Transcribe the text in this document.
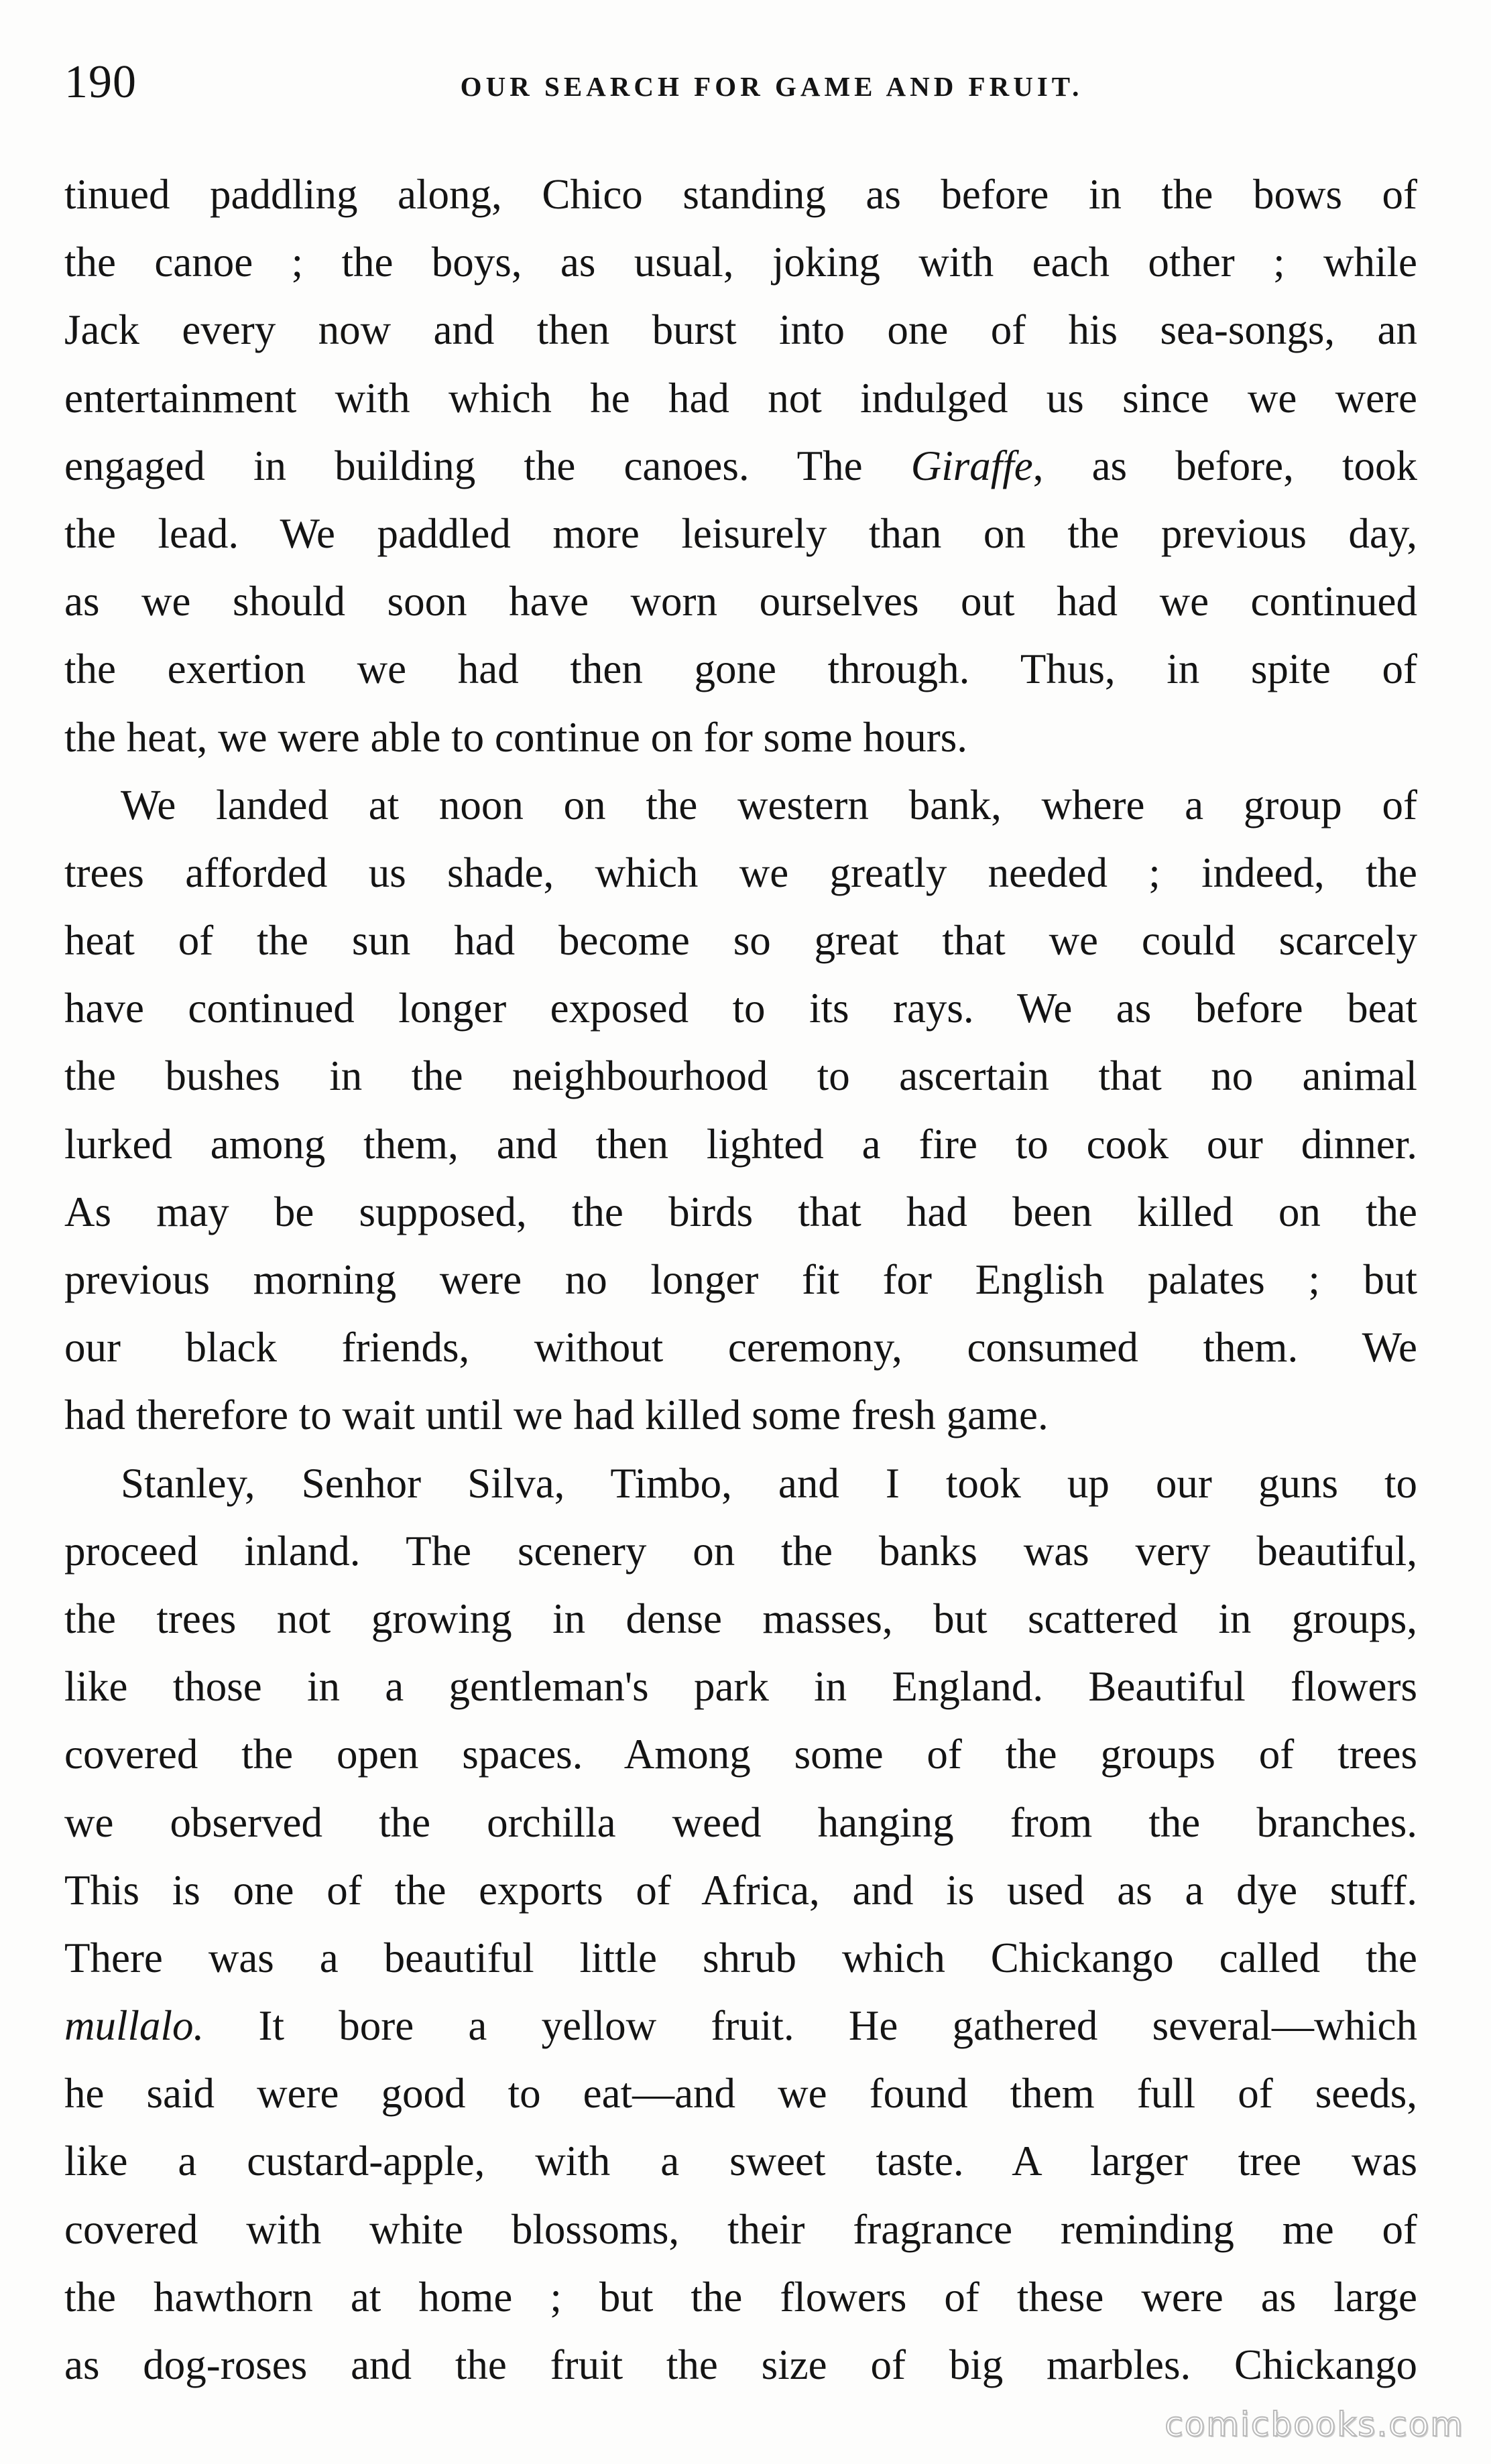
190	OUR SEARCH FOR GAME AND FRUIT.
tinued paddling along, Chico standing as before in the bows of
the canoe ; the boys, as usual, joking with each other ; while
Jack every now and then burst into one of his sea-songs, an
entertainment with which he had not indulged us since we were
engaged in building the canoes. The Giraffe, as before, took
the lead. We paddled more leisurely than on the previous day,
as we should soon have worn ourselves out had we continued
the exertion we had then gone through. Thus, in spite of
the heat, we were able to continue on for some hours.
We landed at noon on the western bank, where a group of
trees afforded us shade, which we greatly needed ; indeed, the
heat of the sun had become so great that we could scarcely
have continued longer exposed to its rays. We as before beat
the bushes in the neighbourhood to ascertain that no animal
lurked among them, and then lighted a fire to cook our dinner.
As may be supposed, the birds that had been killed on the
previous morning were no longer fit for English palates ; but
our black friends, without ceremony, consumed them. We
had therefore to wait until we had killed some fresh game.
Stanley, Senhor Silva, Timbo, and I took up our guns to
proceed inland. The scenery on the banks was very beautiful,
the trees not growing in dense masses, but scattered in groups,
like those in a gentleman's park in England. Beautiful flowers
covered the open spaces. Among some of the groups of trees
we observed the orchilla weed hanging from the branches.
This is one of the exports of Africa, and is used as a dye stuff.
There was a beautiful little shrub which Chickango called the
mullalo. It bore a yellow fruit. He gathered several—which
he said were good to eat—and we found them full of seeds,
like a custard-apple, with a sweet taste. A larger tree was
covered with white blossoms, their fragrance reminding me of
the hawthorn at home ; but the flowers of these were as large
as dog-roses and the fruit the size of big marbles. Chickango
comicbooks.com
